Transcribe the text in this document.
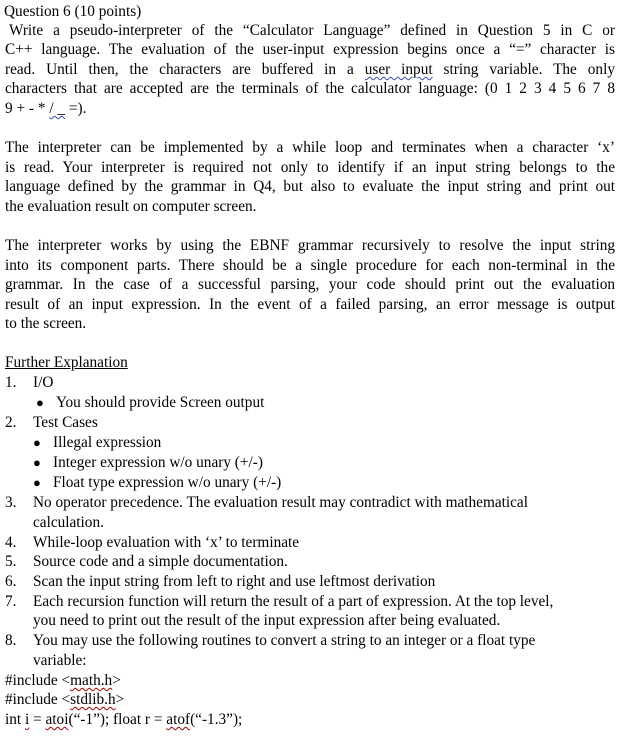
Question 6 (10 points)
Write a pseudo-interpreter of the “Calculator Language” defined in Question 5 in C or
C++ language. The evaluation of the user-input expression begins once a “=” character is
read. Until then, the characters are buffered in a user input string variable. The only
characters that are accepted are the terminals of the calculator language: (0 1 2 3 4 5 6 7 8
9 + - * / _ =).
The interpreter can be implemented by a while loop and terminates when a character ‘x’
is read. Your interpreter is required not only to identify if an input string belongs to the
language defined by the grammar in Q4, but also to evaluate the input string and print out
the evaluation result on computer screen.
The interpreter works by using the EBNF grammar recursively to resolve the input string
into its component parts. There should be a single procedure for each non-terminal in the
grammar. In the case of a successful parsing, your code should print out the evaluation
result of an input expression. In the event of a failed parsing, an error message is output
to the screen.
Further Explanation
1.	I/O
● You should provide Screen output
2.	Test Cases
● Illegal expression
● Integer expression w/o unary (+/-)
● Float type expression w/o unary (+/-)
3.	No operator precedence. The evaluation result may contradict with mathematical
calculation.
4.	While-loop evaluation with ‘x’ to terminate
5.	Source code and a simple documentation.
6.	Scan the input string from left to right and use leftmost derivation
7.	Each recursion function will return the result of a part of expression. At the top level,
you need to print out the result of the input expression after being evaluated.
8.	You may use the following routines to convert a string to an integer or a float type
variable:
#include <math.h>
#include <stdlib.h>
int i = atoi(“-1”); float r = atof(“-1.3”);
